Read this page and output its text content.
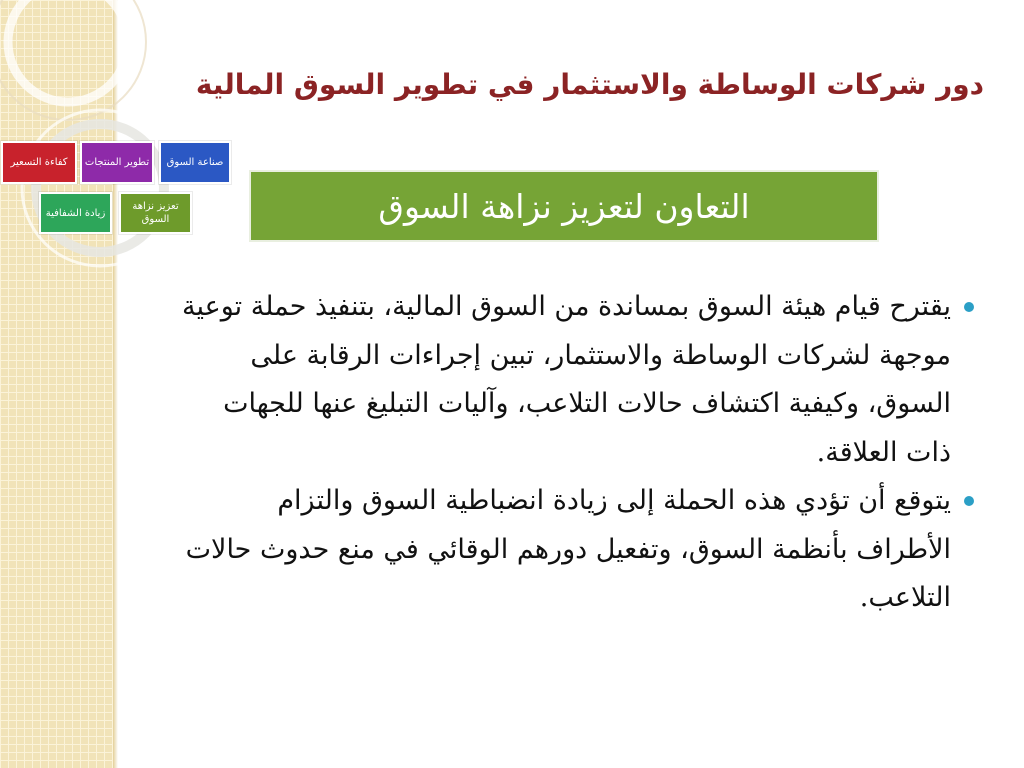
دور شركات الوساطة والاستثمار في تطوير السوق المالية
كفاءة التسعير	تطوير المنتجات	صناعة السوق
زيادة الشفافية
تعزيز نزاهة السوق	التعاون لتعزيز نزاهة السوق
يقترح قيام هيئة السوق بمساندة من السوق المالية، بتنفيذ حملة توعية موجهة لشركات الوساطة والاستثمار، تبين إجراءات الرقابة على السوق، وكيفية اكتشاف حالات التلاعب، وآليات التبليغ عنها للجهات ذات العلاقة.
يتوقع أن تؤدي هذه الحملة إلى زيادة انضباطية السوق والتزام الأطراف بأنظمة السوق، وتفعيل دورهم الوقائي في منع حدوث حالات التلاعب.
